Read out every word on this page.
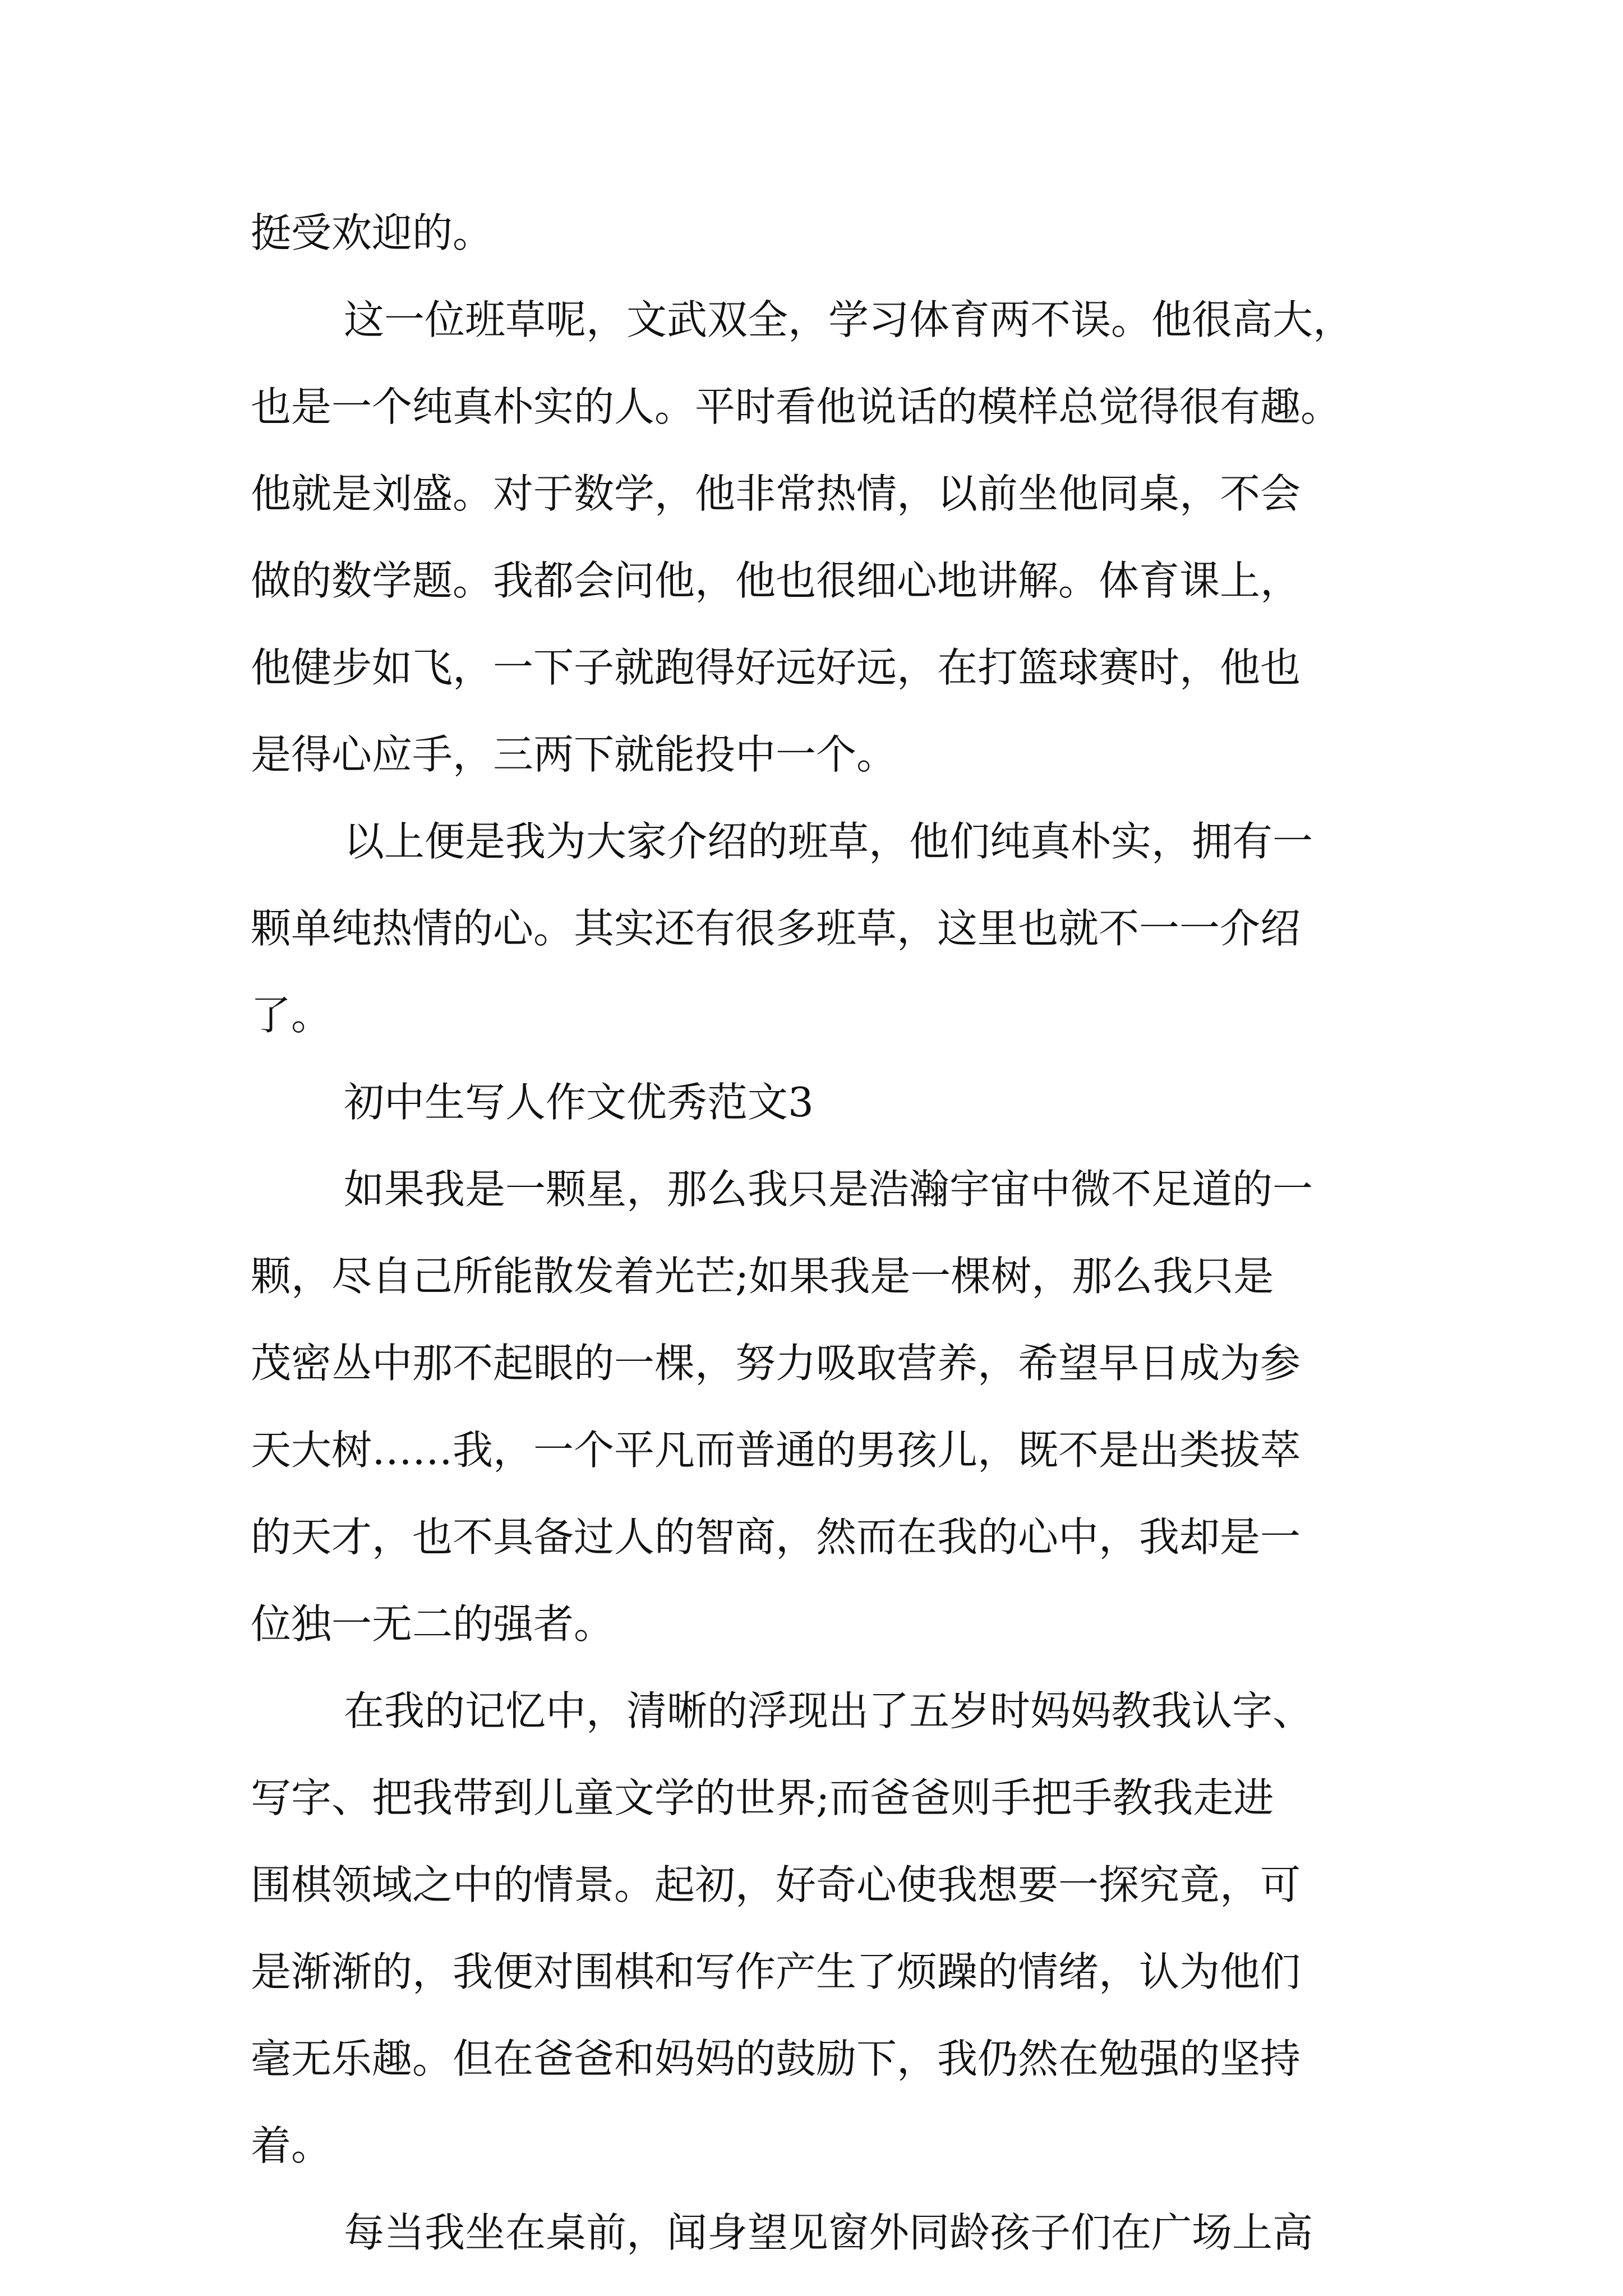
挺受欢迎的。
这一位班草呢，文武双全，学习体育两不误。他很高大，
也是一个纯真朴实的人。平时看他说话的模样总觉得很有趣。
他就是刘盛。对于数学，他非常热情，以前坐他同桌，不会
做的数学题。我都会问他，他也很细心地讲解。体育课上，
他健步如飞，一下子就跑得好远好远，在打篮球赛时，他也
是得心应手，三两下就能投中一个。
以上便是我为大家介绍的班草，他们纯真朴实，拥有一
颗单纯热情的心。其实还有很多班草，这里也就不一一介绍
了。
初中生写人作文优秀范文3
如果我是一颗星，那么我只是浩瀚宇宙中微不足道的一
颗，尽自己所能散发着光芒;如果我是一棵树，那么我只是
茂密丛中那不起眼的一棵，努力吸取营养，希望早日成为参
天大树……我，一个平凡而普通的男孩儿，既不是出类拔萃
的天才，也不具备过人的智商，然而在我的心中，我却是一
位独一无二的强者。
在我的记忆中，清晰的浮现出了五岁时妈妈教我认字、
写字、把我带到儿童文学的世界;而爸爸则手把手教我走进
围棋领域之中的情景。起初，好奇心使我想要一探究竟，可
是渐渐的，我便对围棋和写作产生了烦躁的情绪，认为他们
毫无乐趣。但在爸爸和妈妈的鼓励下，我仍然在勉强的坚持
着。
每当我坐在桌前，闻身望见窗外同龄孩子们在广场上高
